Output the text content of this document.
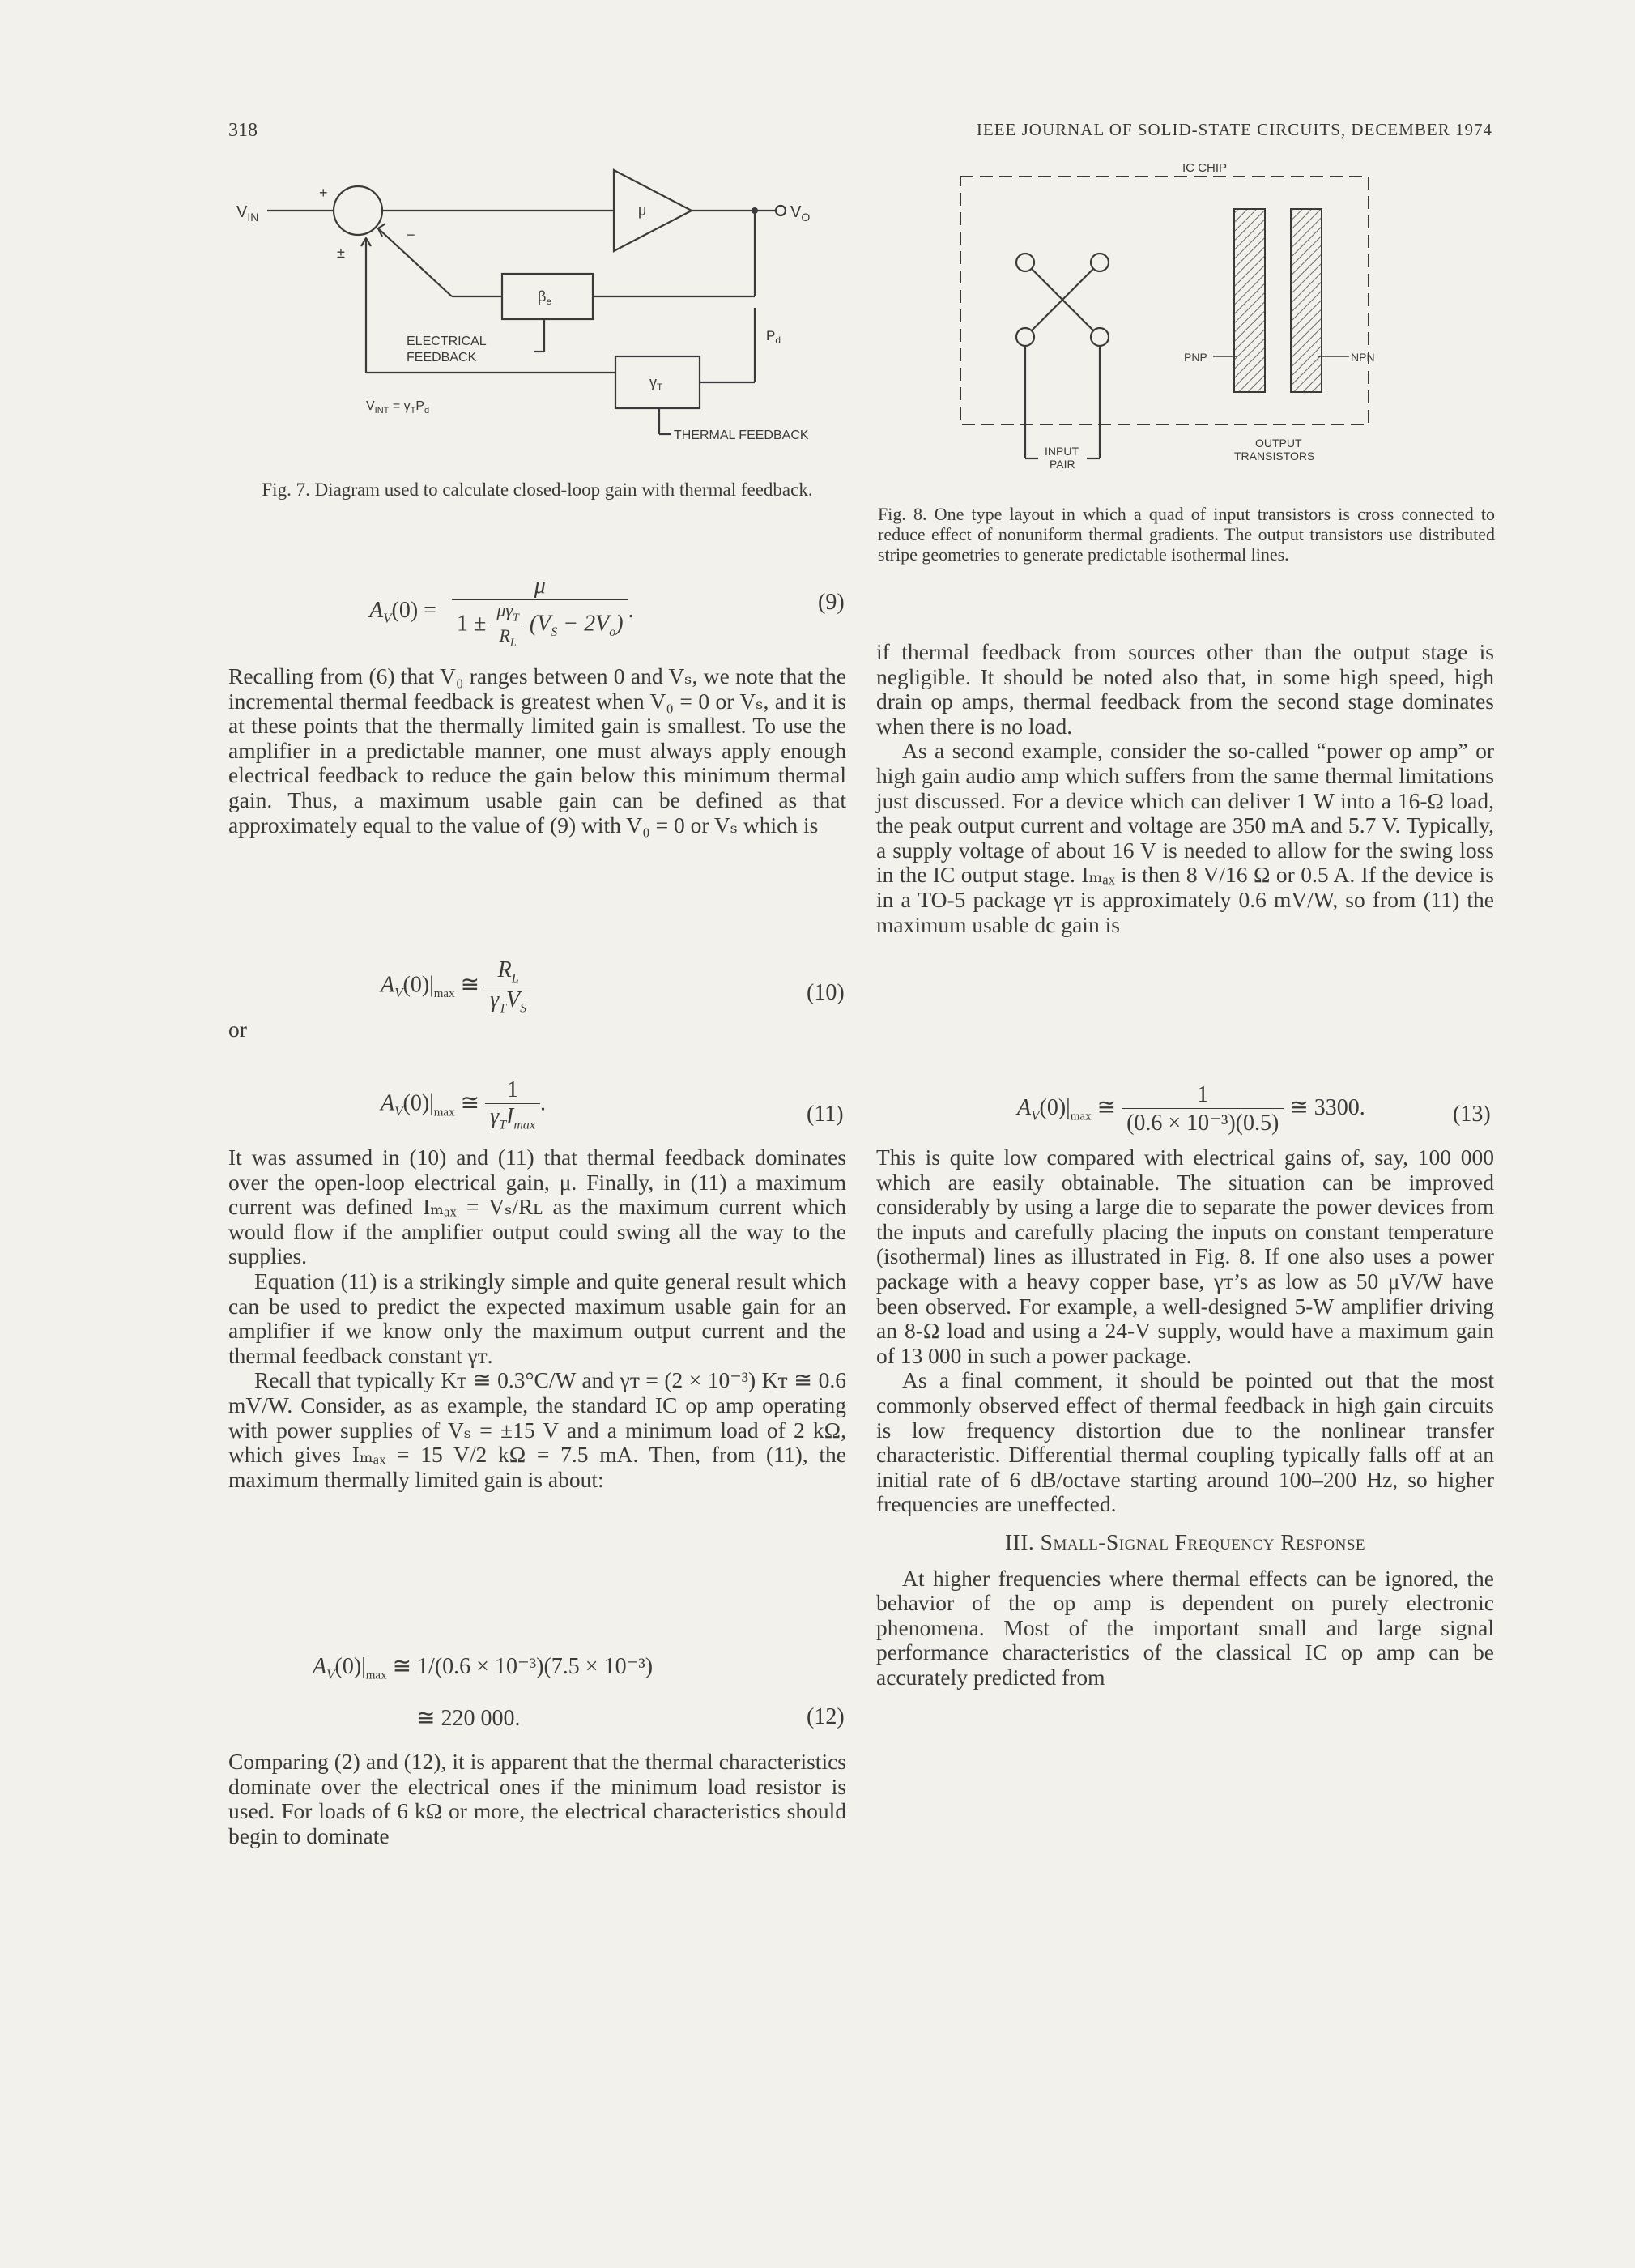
318	IEEE JOURNAL OF SOLID-STATE CIRCUITS, DECEMBER 1974
$V_{IN}$
+
±
−
μ	$V_O$
$\beta_e$
$P_d$
$\gamma_T$
ELECTRICAL
FEEDBACK
$V_{INT} = \gamma_TP_d$
THERMAL FEEDBACK
Fig. 7. Diagram used to calculate closed-loop gain with thermal feedback.
IC CHIP
PNP	NPN
INPUT
PAIR
OUTPUT
TRANSISTORS
Fig. 8. One type layout in which a quad of input transistors is cross connected to reduce effect of nonuniform thermal gradients. The output transistors use distributed stripe geometries to generate predictable isothermal lines.
$A_V(0) = \frac{\mu}{1 \pm \frac{\mu\gamma_T}{R_L} (V_S - 2V_o)}$ .	(9)

Recalling from (6) that V₀ ranges between 0 and Vₛ, we note that the incremental thermal feedback is greatest when V₀ = 0 or Vₛ, and it is at these points that the thermally limited gain is smallest. To use the amplifier in a predictable manner, one must always apply enough electrical feedback to reduce the gain below this minimum thermal gain. Thus, a maximum usable gain can be defined as that approximately equal to the value of (9) with V₀ = 0 or Vₛ which is

$A_V(0)|_{max}$ ≅ $\frac{R_L}{\gamma_TV_S}$	(10)
or
$A_V(0)|_{max}$ ≅ $\frac{1}{\gamma_TI_{max}}$ .	(11)

It was assumed in (10) and (11) that thermal feedback dominates over the open-loop electrical gain, μ. Finally, in (11) a maximum current was defined Iₘₐₓ = Vₛ/Rʟ as the maximum current which would flow if the amplifier output could swing all the way to the supplies.

Equation (11) is a strikingly simple and quite general result which can be used to predict the expected maximum usable gain for an amplifier if we know only the maximum output current and the thermal feedback constant γᴛ.

Recall that typically Kᴛ ≅ 0.3°C/W and γᴛ = (2 × 10⁻³) Kᴛ ≅ 0.6 mV/W. Consider, as as example, the standard IC op amp operating with power supplies of Vₛ = ±15 V and a minimum load of 2 kΩ, which gives Iₘₐₓ = 15 V/2 kΩ = 7.5 mA. Then, from (11), the maximum thermally limited gain is about:

$A_V(0)|_{max}$ ≅ 1/(0.6 × 10⁻³)(7.5 × 10⁻³)
≅ 220 000.	(12)

Comparing (2) and (12), it is apparent that the thermal characteristics dominate over the electrical ones if the minimum load resistor is used. For loads of 6 kΩ or more, the electrical characteristics should begin to dominate

if thermal feedback from sources other than the output stage is negligible. It should be noted also that, in some high speed, high drain op amps, thermal feedback from the second stage dominates when there is no load.

As a second example, consider the so-called “power op amp” or high gain audio amp which suffers from the same thermal limitations just discussed. For a device which can deliver 1 W into a 16-Ω load, the peak output current and voltage are 350 mA and 5.7 V. Typically, a supply voltage of about 16 V is needed to allow for the swing loss in the IC output stage. Iₘₐₓ is then 8 V/16 Ω or 0.5 A. If the device is in a TO-5 package γᴛ is approximately 0.6 mV/W, so from (11) the maximum usable dc gain is

$A_V(0)|_{max}$ ≅ $\frac{1}{\text{(0.6 × 10⁻³)(0.5)}}$ ≅ 3300.	(13)

This is quite low compared with electrical gains of, say, 100 000 which are easily obtainable. The situation can be improved considerably by using a large die to separate the power devices from the inputs and carefully placing the inputs on constant temperature (isothermal) lines as illustrated in Fig. 8. If one also uses a power package with a heavy copper base, γᴛ’s as low as 50 μV/W have been observed. For example, a well-designed 5-W amplifier driving an 8-Ω load and using a 24-V supply, would have a maximum gain of 13 000 in such a power package.

As a final comment, it should be pointed out that the most commonly observed effect of thermal feedback in high gain circuits is low frequency distortion due to the nonlinear transfer characteristic. Differential thermal coupling typically falls off at an initial rate of 6 dB/octave starting around 100–200 Hz, so higher frequencies are uneffected.

III. Small-Signal Frequency Response

At higher frequencies where thermal effects can be ignored, the behavior of the op amp is dependent on purely electronic phenomena. Most of the important small and large signal performance characteristics of the classical IC op amp can be accurately predicted from
